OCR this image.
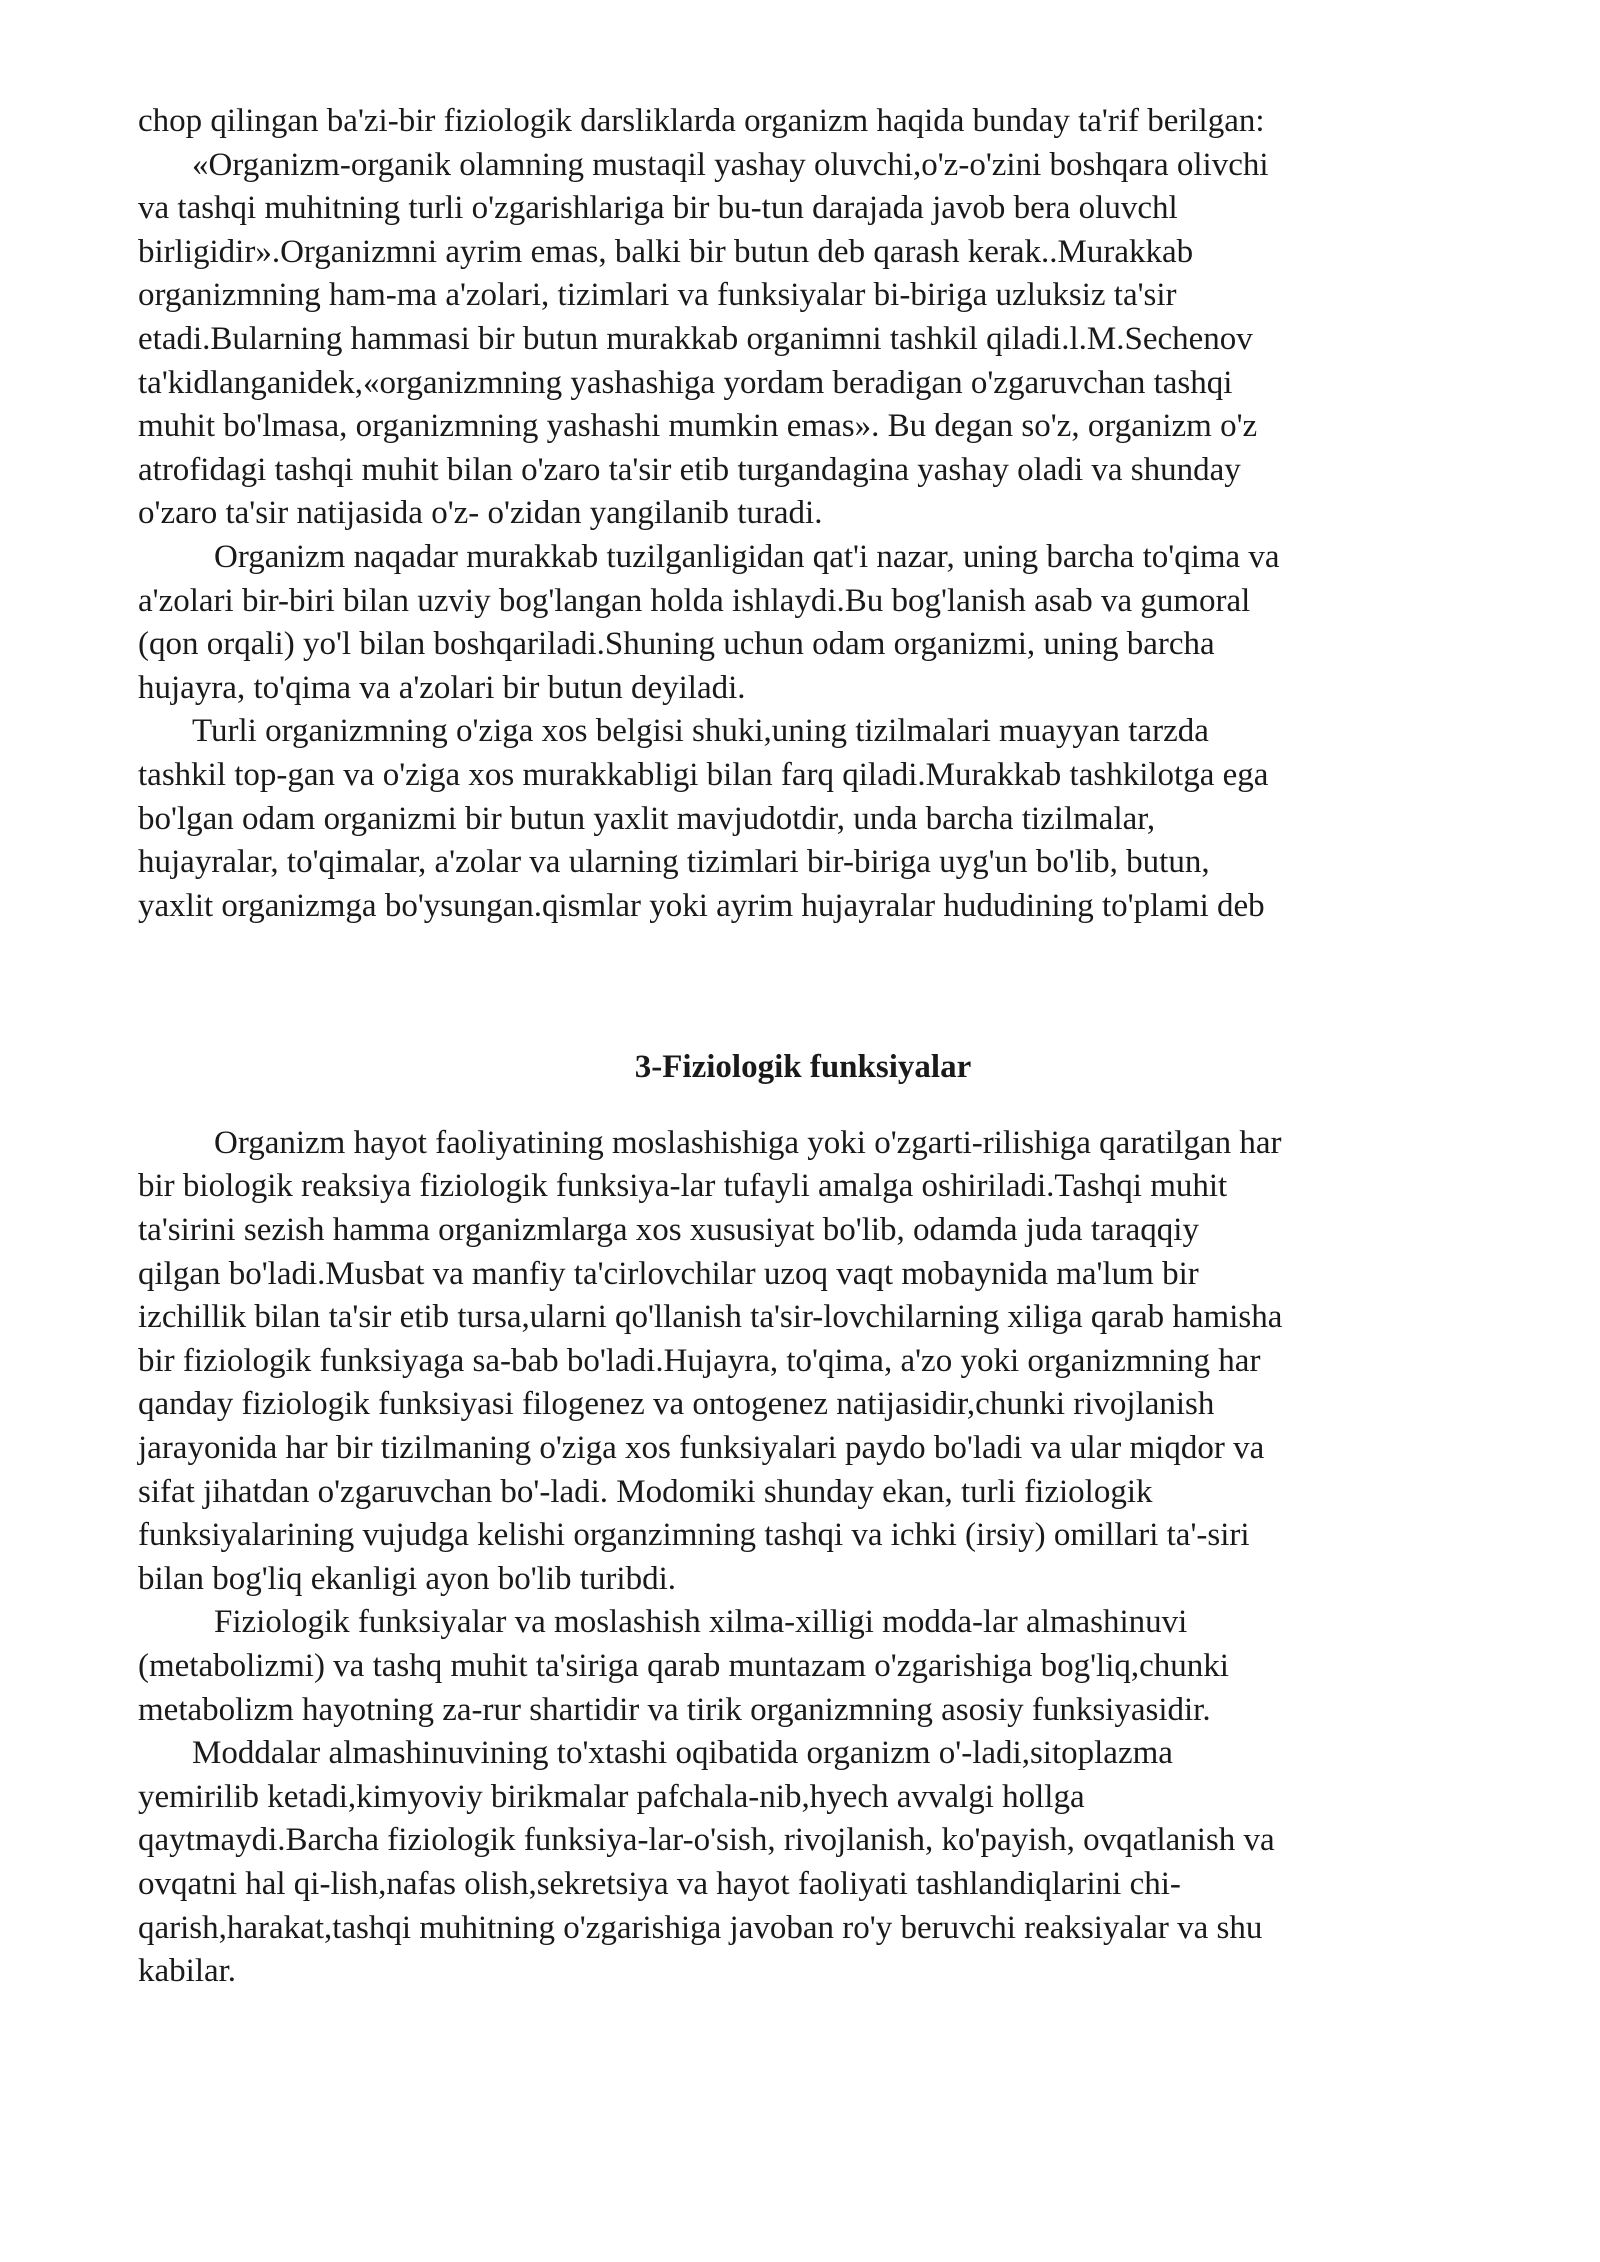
chop qilingan ba'zi-bir fiziologik darsliklarda organizm haqida bunday ta'rif berilgan:
«Organizm-organik olamning mustaqil yashay oluvchi,o'z-o'zini boshqara olivchi
va tashqi muhitning turli o'zgarishlariga bir bu-tun darajada javob bera oluvchl
birligidir».Organizmni ayrim emas, balki bir butun deb qarash kerak..Murakkab
organizmning ham-ma a'zolari, tizimlari va funksiyalar bi-biriga uzluksiz ta'sir
etadi.Bularning hammasi bir butun murakkab organimni tashkil qiladi.l.M.Sechenov
ta'kidlanganidek,«organizmning yashashiga yordam beradigan o'zgaruvchan tashqi
muhit bo'lmasa, organizmning yashashi mumkin emas». Bu degan so'z, organizm o'z
atrofidagi tashqi muhit bilan o'zaro ta'sir etib turgandagina yashay oladi va shunday
o'zaro ta'sir natijasida o'z- o'zidan yangilanib turadi.
Organizm naqadar murakkab tuzilganligidan qat'i nazar, uning barcha to'qima va
a'zolari bir-biri bilan uzviy bog'langan holda ishlaydi.Bu bog'lanish asab va gumoral
(qon orqali) yo'l bilan boshqariladi.Shuning uchun odam organizmi, uning barcha
hujayra, to'qima va a'zolari bir butun deyiladi.
Turli organizmning o'ziga xos belgisi shuki,uning tizilmalari muayyan tarzda
tashkil top-gan va o'ziga xos murakkabligi bilan farq qiladi.Murakkab tashkilotga ega
bo'lgan odam organizmi bir butun yaxlit mavjudotdir, unda barcha tizilmalar,
hujayralar, to'qimalar, a'zolar va ularning tizimlari bir-biriga uyg'un bo'lib, butun,
yaxlit organizmga bo'ysungan.qismlar yoki ayrim hujayralar hududining to'plami deb
3-Fiziologik funksiyalar
Organizm hayot faoliyatining moslashishiga yoki o'zgarti-rilishiga qaratilgan har
bir biologik reaksiya fiziologik funksiya-lar tufayli amalga oshiriladi.Tashqi muhit
ta'sirini sezish hamma organizmlarga xos xususiyat bo'lib, odamda juda taraqqiy
qilgan bo'ladi.Musbat va manfiy ta'cirlovchilar uzoq vaqt mobaynida ma'lum bir
izchillik bilan ta'sir etib tursa,ularni qo'llanish ta'sir-lovchilarning xiliga qarab hamisha
bir fiziologik funksiyaga sa-bab bo'ladi.Hujayra, to'qima, a'zo yoki organizmning har
qanday fiziologik funksiyasi filogenez va ontogenez natijasidir,chunki rivojlanish
jarayonida har bir tizilmaning o'ziga xos funksiyalari paydo bo'ladi va ular miqdor va
sifat jihatdan o'zgaruvchan bo'-ladi. Modomiki shunday ekan, turli fiziologik
funksiyalarining vujudga kelishi organzimning tashqi va ichki (irsiy) omillari ta'-siri
bilan bog'liq ekanligi ayon bo'lib turibdi.
Fiziologik funksiyalar va moslashish xilma-xilligi modda-lar almashinuvi
(metabolizmi) va tashq muhit ta'siriga qarab muntazam o'zgarishiga bog'liq,chunki
metabolizm hayotning za-rur shartidir va tirik organizmning asosiy funksiyasidir.
Moddalar almashinuvining to'xtashi oqibatida organizm o'-ladi,sitoplazma
yemirilib ketadi,kimyoviy birikmalar pafchala-nib,hyech avvalgi hollga
qaytmaydi.Barcha fiziologik funksiya-lar-o'sish, rivojlanish, ko'payish, ovqatlanish va
ovqatni hal qi-lish,nafas olish,sekretsiya va hayot faoliyati tashlandiqlarini chi-
qarish,harakat,tashqi muhitning o'zgarishiga javoban ro'y beruvchi reaksiyalar va shu
kabilar.
